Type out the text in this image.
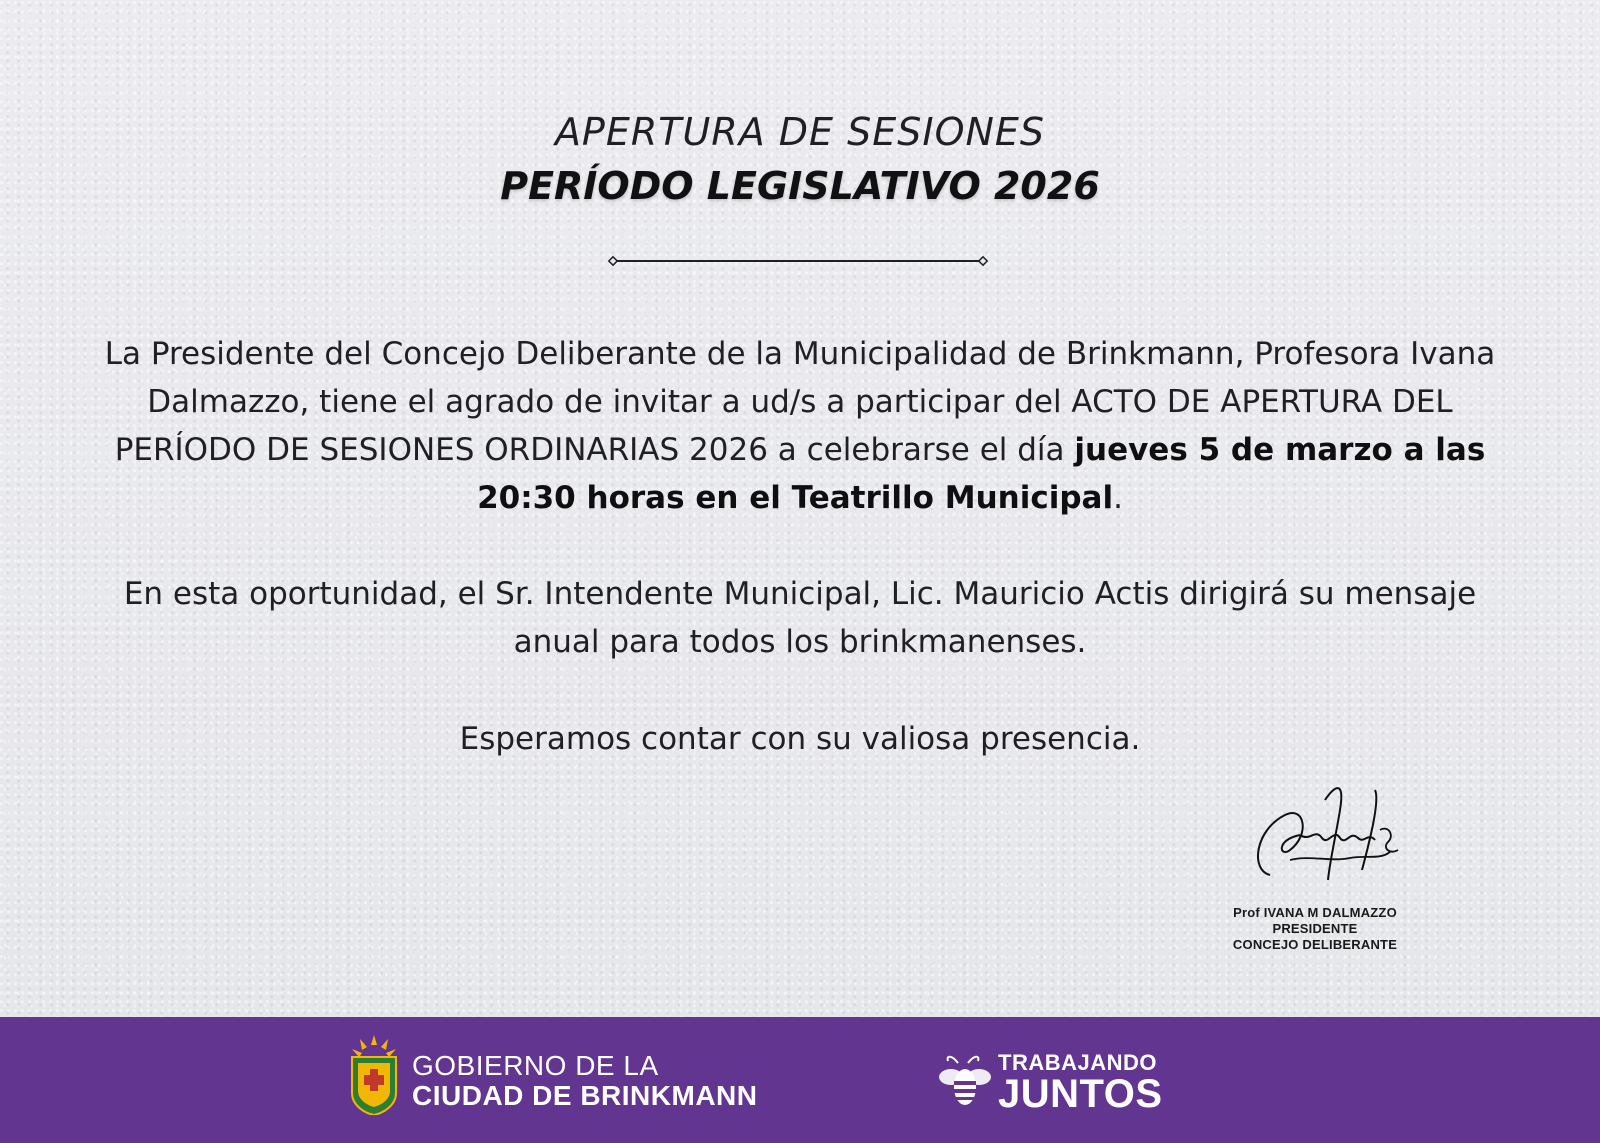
APERTURA DE SESIONES
PERÍODO LEGISLATIVO 2026
La Presidente del Concejo Deliberante de la Municipalidad de Brinkmann, Profesora Ivana Dalmazzo, tiene el agrado de invitar a ud/s a participar del ACTO DE APERTURA DEL PERÍODO DE SESIONES ORDINARIAS 2026 a celebrarse el día jueves 5 de marzo a las 20:30 horas en el Teatrillo Municipal.
En esta oportunidad, el Sr. Intendente Municipal, Lic. Mauricio Actis dirigirá su mensaje anual para todos los brinkmanenses.
Esperamos contar con su valiosa presencia.
Prof IVANA M DALMAZZO
PRESIDENTE
CONCEJO DELIBERANTE
GOBIERNO DE LA
CIUDAD DE BRINKMANN
TRABAJANDO
JUNTOS
